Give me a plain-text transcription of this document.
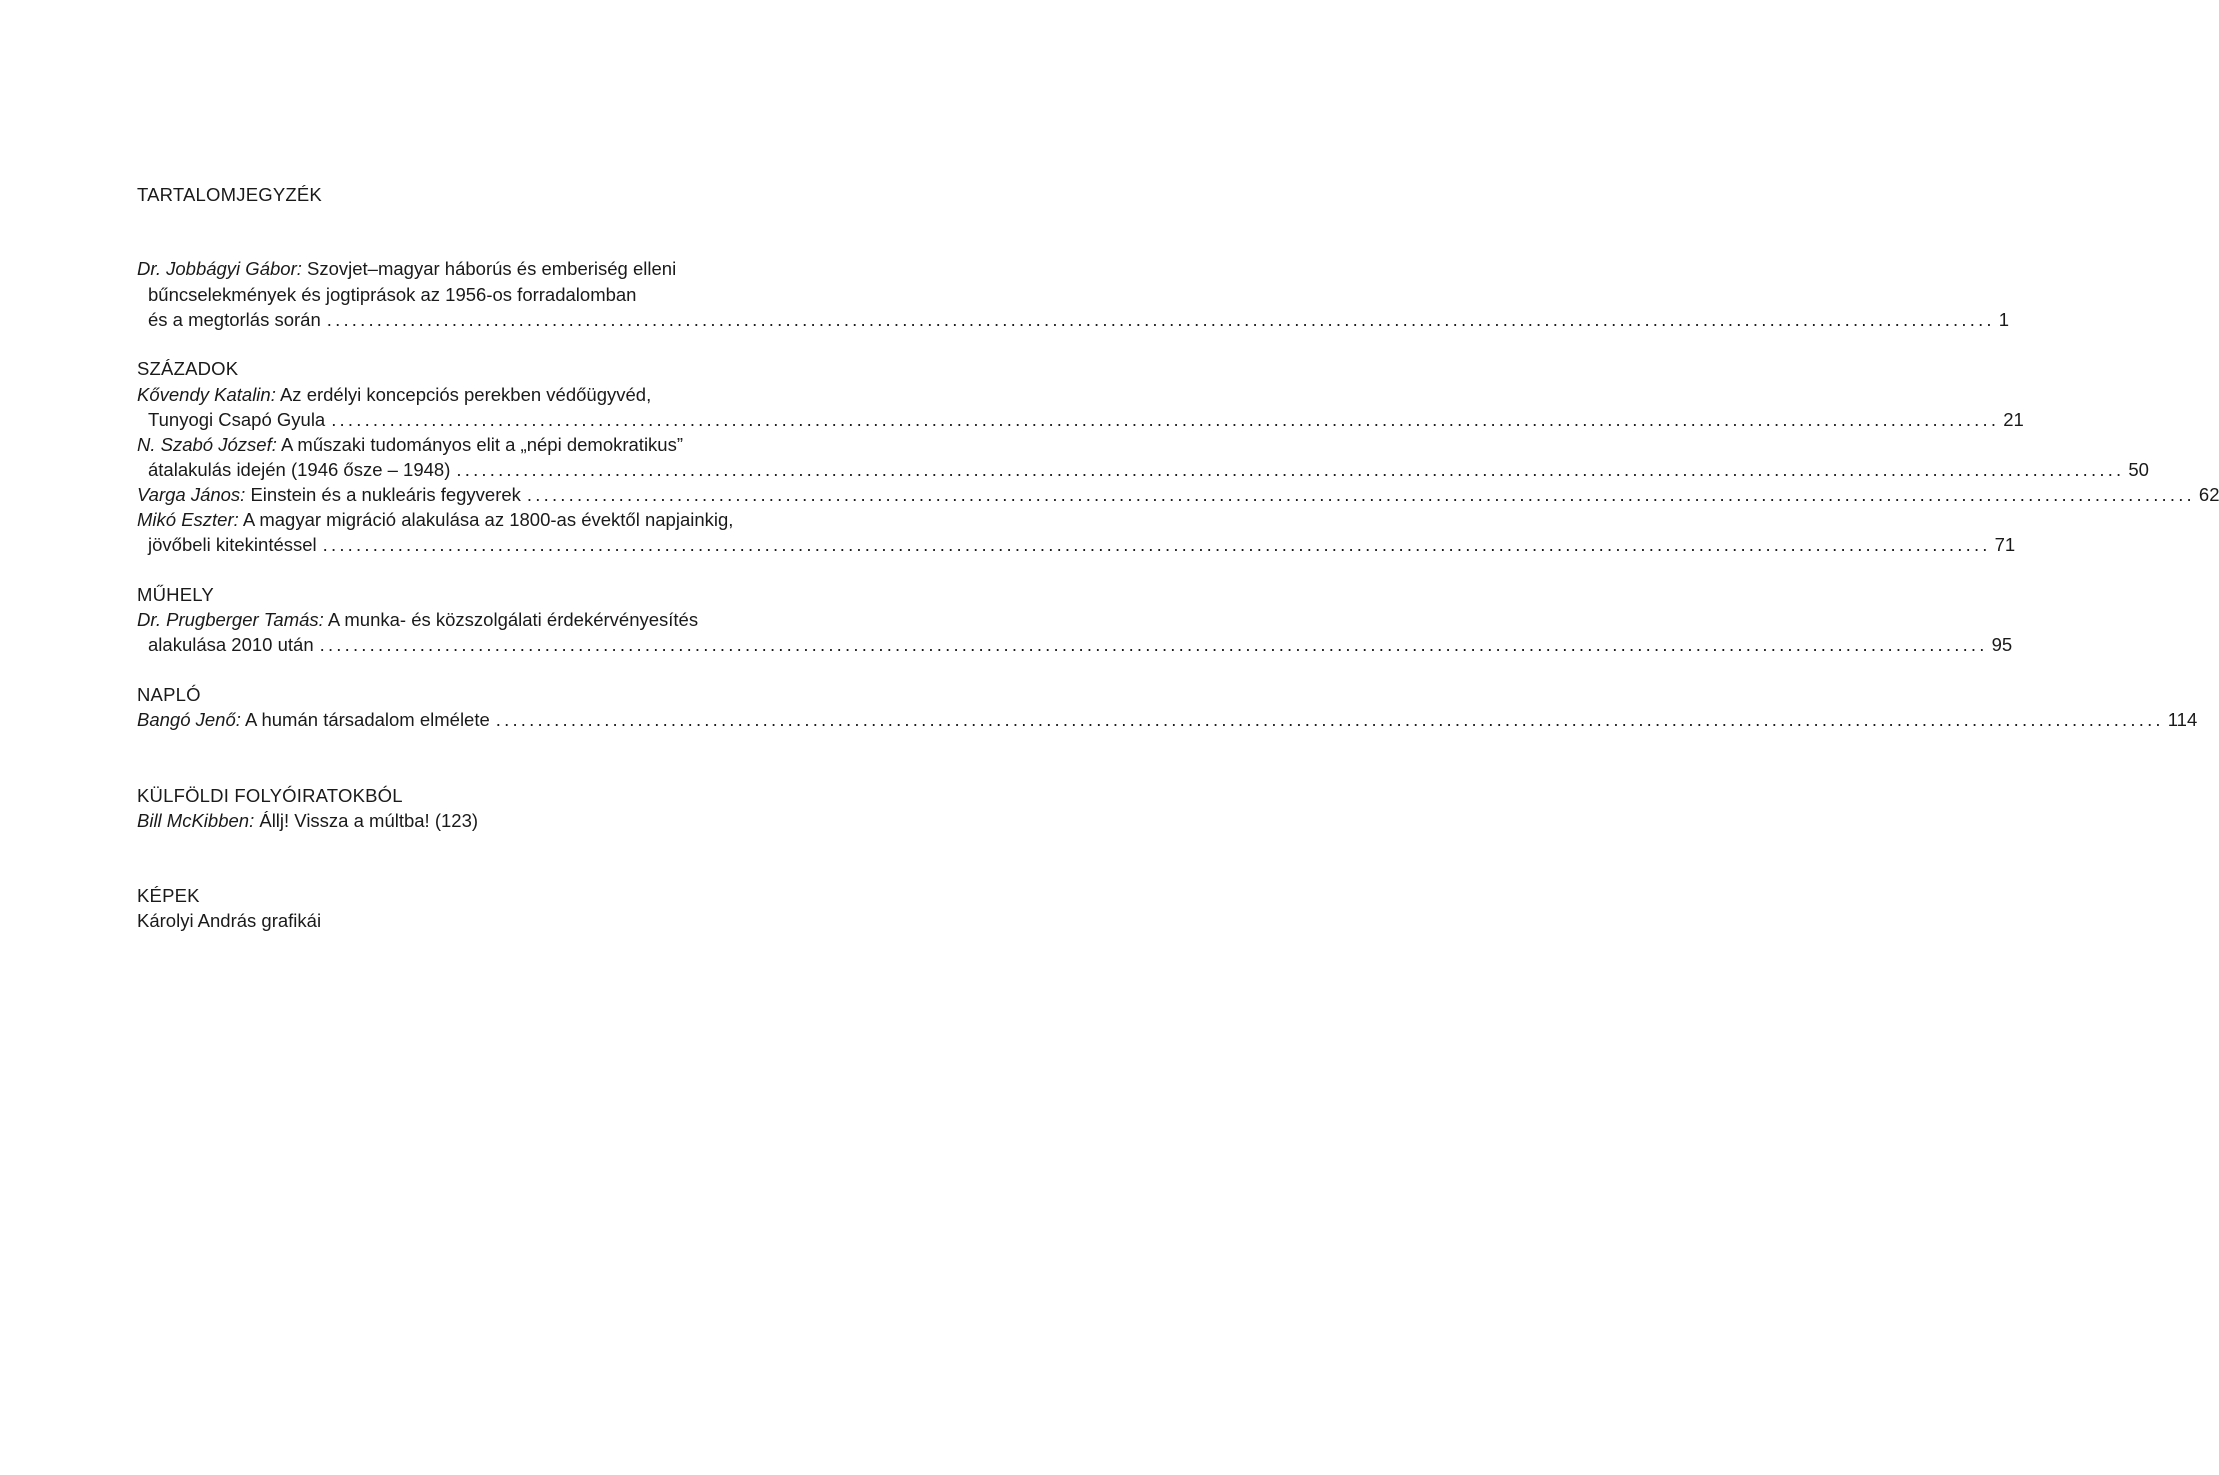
TARTALOMJEGYZÉK
Dr. Jobbágyi Gábor: Szovjet–magyar háborús és emberiség elleni
bűncselekmények és jogtiprások az 1956-os forradalomban
és a megtorlás során ........................................................................................................................................................................................................ 1
SZÁZADOK
Kővendy Katalin: Az erdélyi koncepciós perekben védőügyvéd,
Tunyogi Csapó Gyula ........................................................................................................................................................................................................ 21
N. Szabó József: A műszaki tudományos elit a „népi demokratikus”
átalakulás idején (1946 ősze – 1948) ........................................................................................................................................................................................................ 50
Varga János: Einstein és a nukleáris fegyverek ........................................................................................................................................................................................................ 62
Mikó Eszter: A magyar migráció alakulása az 1800-as évektől napjainkig,
jövőbeli kitekintéssel ........................................................................................................................................................................................................ 71
MŰHELY
Dr. Prugberger Tamás: A munka- és közszolgálati érdekérvényesítés
alakulása 2010 után ........................................................................................................................................................................................................ 95
NAPLÓ
Bangó Jenő: A humán társadalom elmélete ........................................................................................................................................................................................................ 114
KÜLFÖLDI FOLYÓIRATOKBÓL
Bill McKibben: Állj! Vissza a múltba! (123)
KÉPEK
Károlyi András grafikái
